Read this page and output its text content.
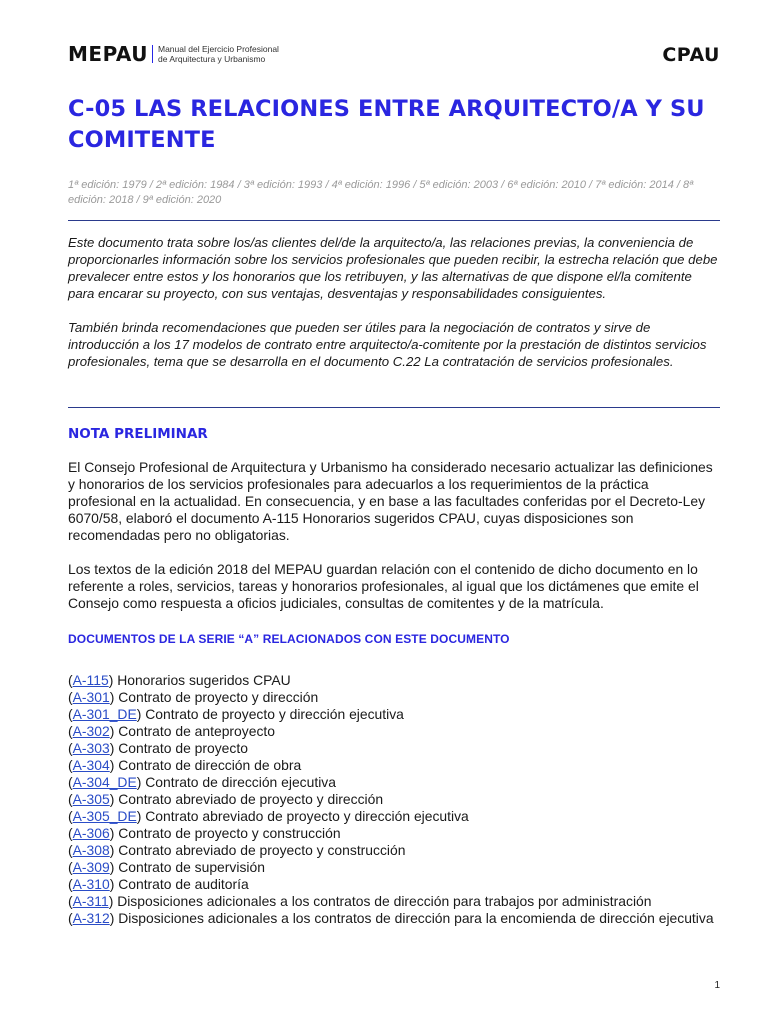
MEPAU Manual del Ejercicio Profesional
de Arquitectura y Urbanismo	CPAU
C-05 LAS RELACIONES ENTRE ARQUITECTO/A Y SU COMITENTE

1ª edición: 1979 / 2ª edición: 1984 / 3ª edición: 1993 / 4ª edición: 1996 / 5ª edición: 2003 / 6ª edición: 2010 / 7ª edición: 2014 / 8ª edición: 2018 / 9ª edición: 2020

Este documento trata sobre los/as clientes del/de la arquitecto/a, las relaciones previas, la conveniencia de proporcionarles información sobre los servicios profesionales que pueden recibir, la estrecha relación que debe prevalecer entre estos y los honorarios que los retribuyen, y las alternativas de que dispone el/la comitente para encarar su proyecto, con sus ventajas, desventajas y responsabilidades consiguientes.

También brinda recomendaciones que pueden ser útiles para la negociación de contratos y sirve de introducción a los 17 modelos de contrato entre arquitecto/a-comitente por la prestación de distintos servicios profesionales, tema que se desarrolla en el documento C.22 La contratación de servicios profesionales.

NOTA PRELIMINAR

El Consejo Profesional de Arquitectura y Urbanismo ha considerado necesario actualizar las definiciones y honorarios de los servicios profesionales para adecuarlos a los requerimientos de la práctica profesional en la actualidad. En consecuencia, y en base a las facultades conferidas por el Decreto-Ley 6070/58, elaboró el documento A-115 Honorarios sugeridos CPAU, cuyas disposiciones son recomendadas pero no obligatorias.

Los textos de la edición 2018 del MEPAU guardan relación con el contenido de dicho documento en lo referente a roles, servicios, tareas y honorarios profesionales, al igual que los dictámenes que emite el Consejo como respuesta a oficios judiciales, consultas de comitentes y de la matrícula.

DOCUMENTOS DE LA SERIE “A” RELACIONADOS CON ESTE DOCUMENTO
(A-115) Honorarios sugeridos CPAU
(A-301) Contrato de proyecto y dirección
(A-301_DE) Contrato de proyecto y dirección ejecutiva
(A-302) Contrato de anteproyecto
(A-303) Contrato de proyecto
(A-304) Contrato de dirección de obra
(A-304_DE) Contrato de dirección ejecutiva
(A-305) Contrato abreviado de proyecto y dirección
(A-305_DE) Contrato abreviado de proyecto y dirección ejecutiva
(A-306) Contrato de proyecto y construcción
(A-308) Contrato abreviado de proyecto y construcción
(A-309) Contrato de supervisión
(A-310) Contrato de auditoría
(A-311) Disposiciones adicionales a los contratos de dirección para trabajos por administración
(A-312) Disposiciones adicionales a los contratos de dirección para la encomienda de dirección ejecutiva
1
